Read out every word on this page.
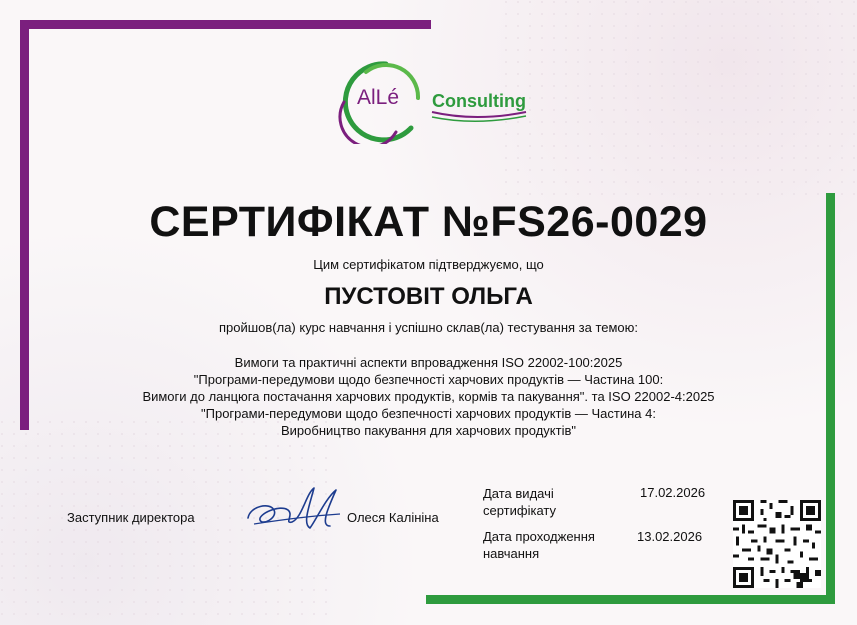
AlLé Consulting
СЕРТИФІКАТ №FS26-0029
Цим сертифікатом підтверджуємо, що
ПУСТОВІТ ОЛЬГА
пройшов(ла) курс навчання і успішно склав(ла) тестування за темою:
Вимоги та практичні аспекти впровадження ISO 22002-100:2025
"Програми-передумови щодо безпечності харчових продуктів — Частина 100:
Вимоги до ланцюга постачання харчових продуктів, кормів та пакування". та ISO 22002-4:2025
"Програми-передумови щодо безпечності харчових продуктів — Частина 4:
Виробництво пакування для харчових продуктів"
Заступник директора	Олеся Калініна
Дата видачі сертифікату
17.02.2026
Дата проходження навчання
13.02.2026
